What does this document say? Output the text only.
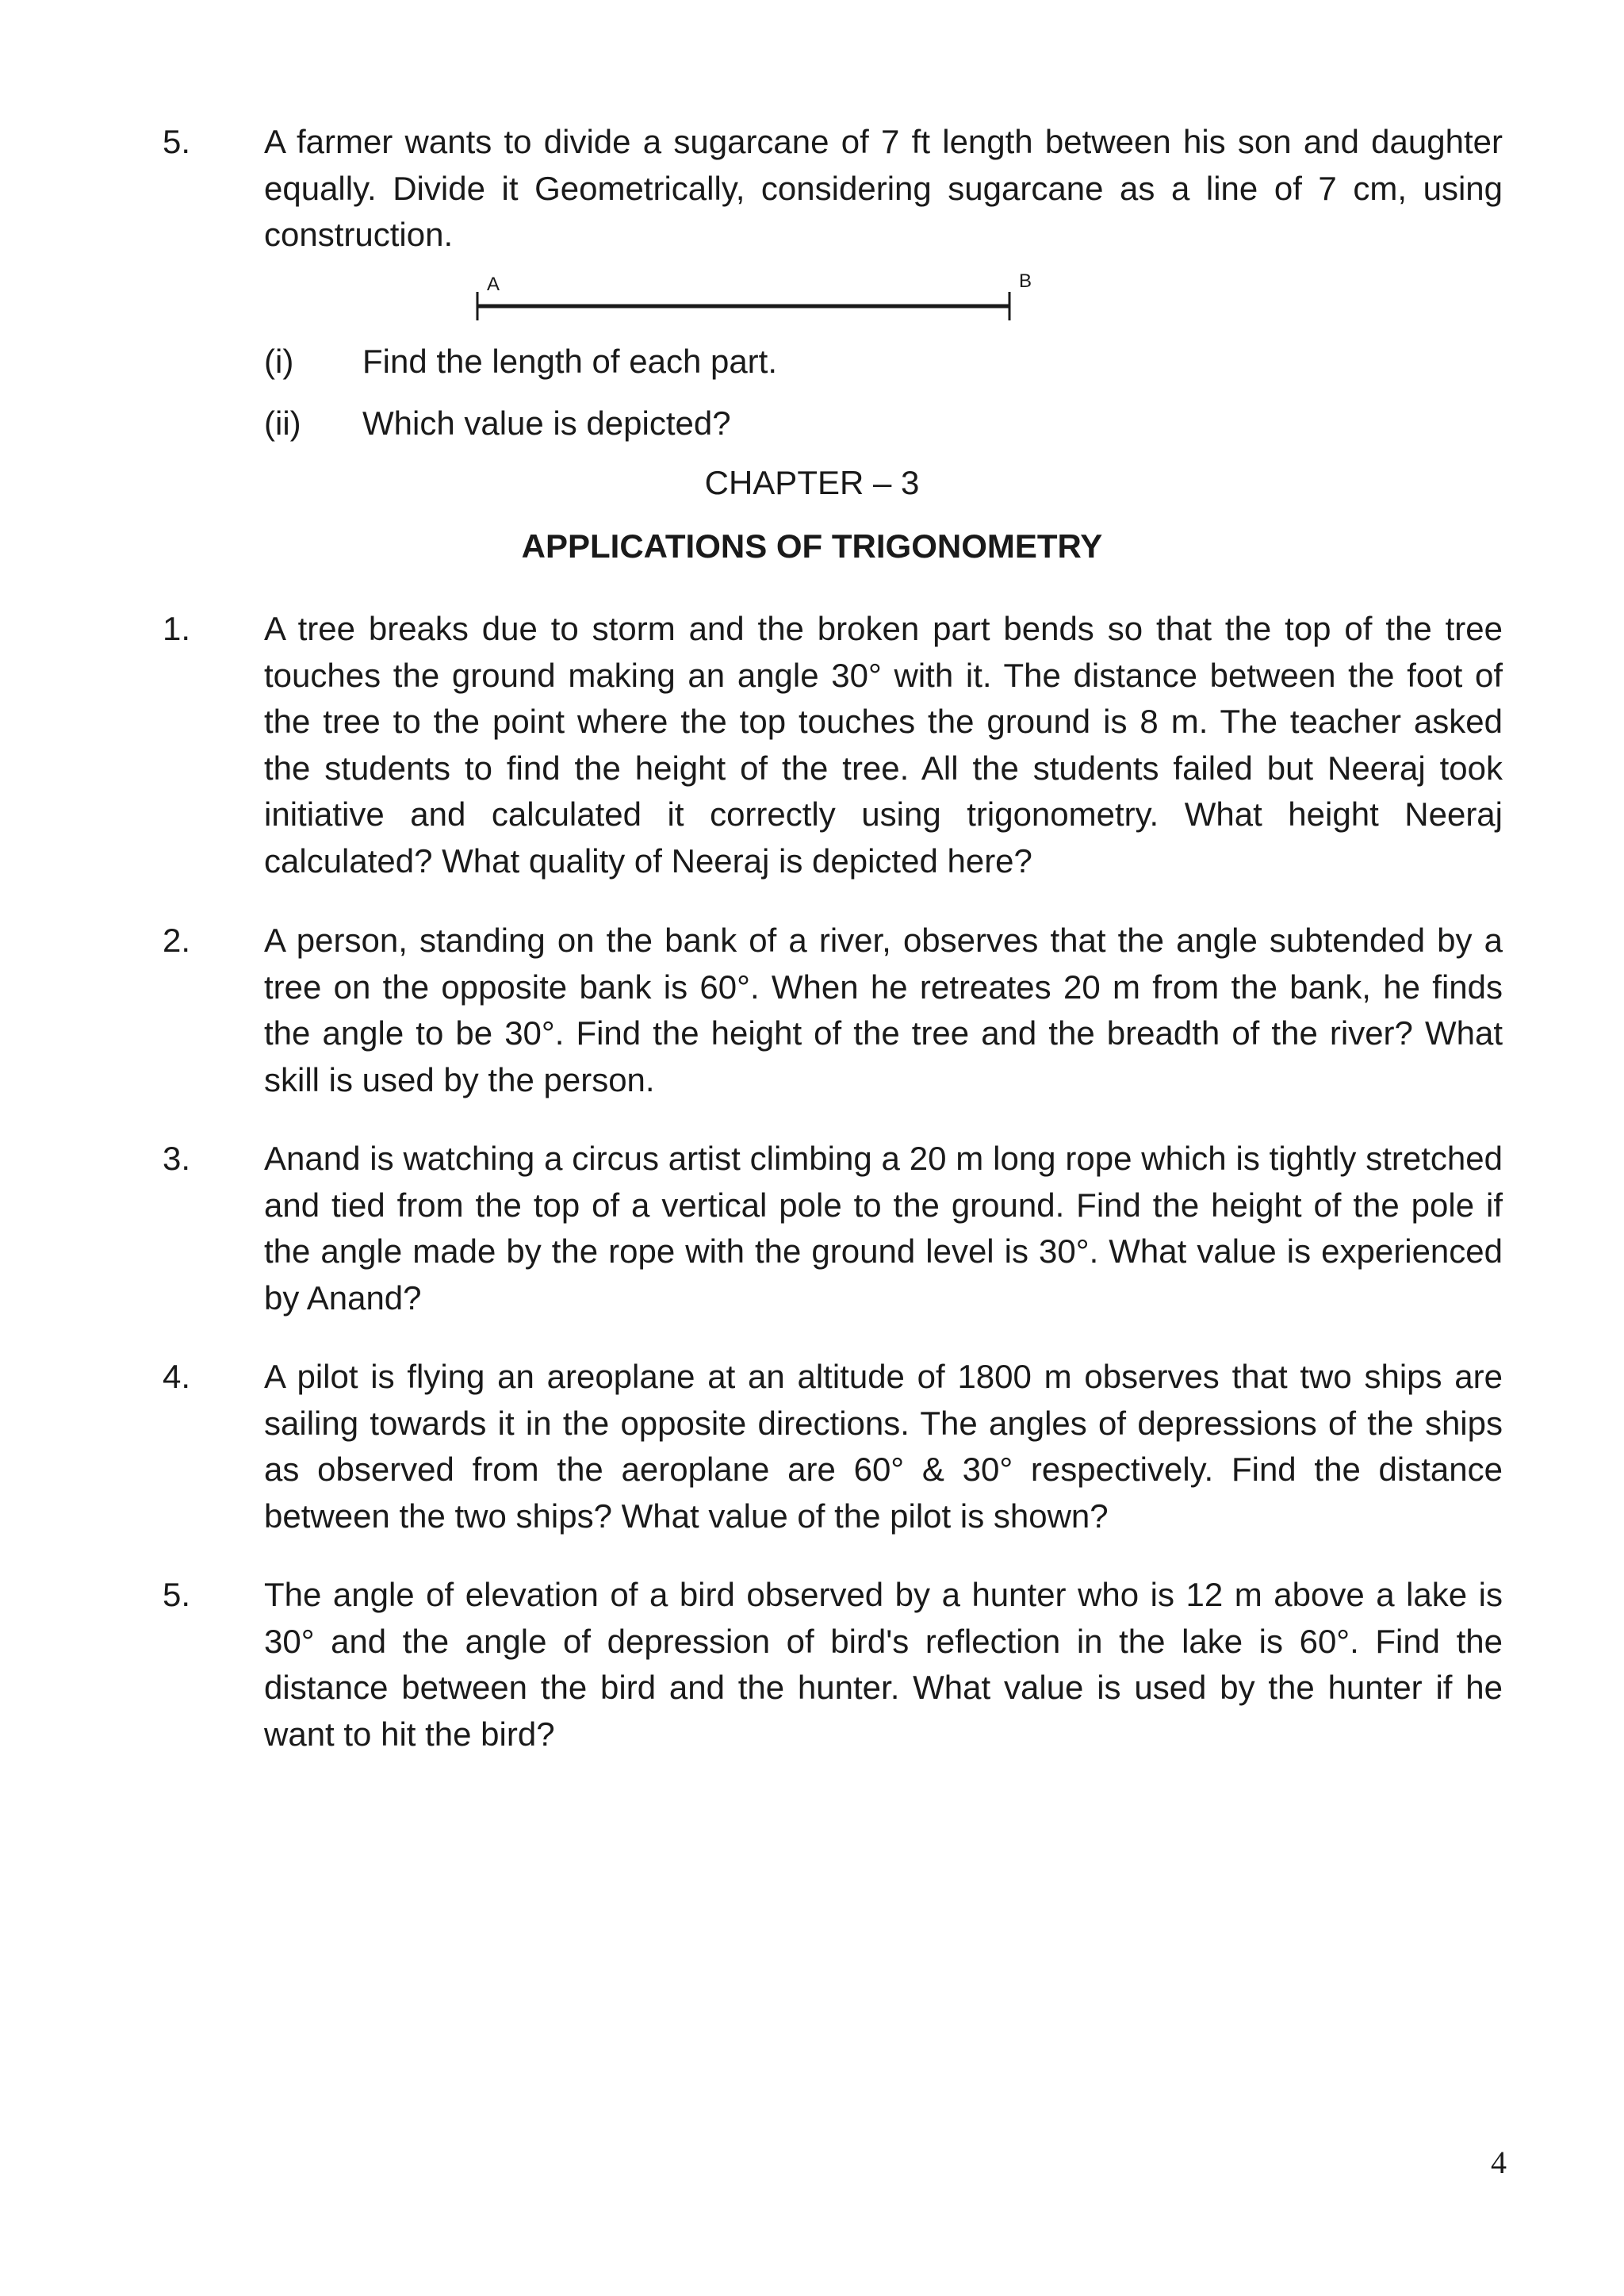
5. A farmer wants to divide a sugarcane of 7 ft length between his son and daughter equally. Divide it Geometrically, considering sugarcane as a line of 7 cm, using construction.
A	B
(i) Find the length of each part.
(ii) Which value is depicted?
CHAPTER – 3
APPLICATIONS OF TRIGONOMETRY
1. A tree breaks due to storm and the broken part bends so that the top of the tree touches the ground making an angle 30° with it. The distance between the foot of the tree to the point where the top touches the ground is 8 m. The teacher asked the students to find the height of the tree. All the students failed but Neeraj took initiative and calculated it correctly using trigonometry. What height Neeraj calculated? What quality of Neeraj is depicted here?
2. A person, standing on the bank of a river, observes that the angle subtended by a tree on the opposite bank is 60°. When he retreates 20 m from the bank, he finds the angle to be 30°. Find the height of the tree and the breadth of the river? What skill is used by the person.
3. Anand is watching a circus artist climbing a 20 m long rope which is tightly stretched and tied from the top of a vertical pole to the ground. Find the height of the pole if the angle made by the rope with the ground level is 30°. What value is experienced by Anand?
4. A pilot is flying an areoplane at an altitude of 1800 m observes that two ships are sailing towards it in the opposite directions. The angles of depressions of the ships as observed from the aeroplane are 60° & 30° respectively. Find the distance between the two ships? What value of the pilot is shown?
5. The angle of elevation of a bird observed by a hunter who is 12 m above a lake is 30° and the angle of depression of bird's reflection in the lake is 60°. Find the distance between the bird and the hunter. What value is used by the hunter if he want to hit the bird?
4
